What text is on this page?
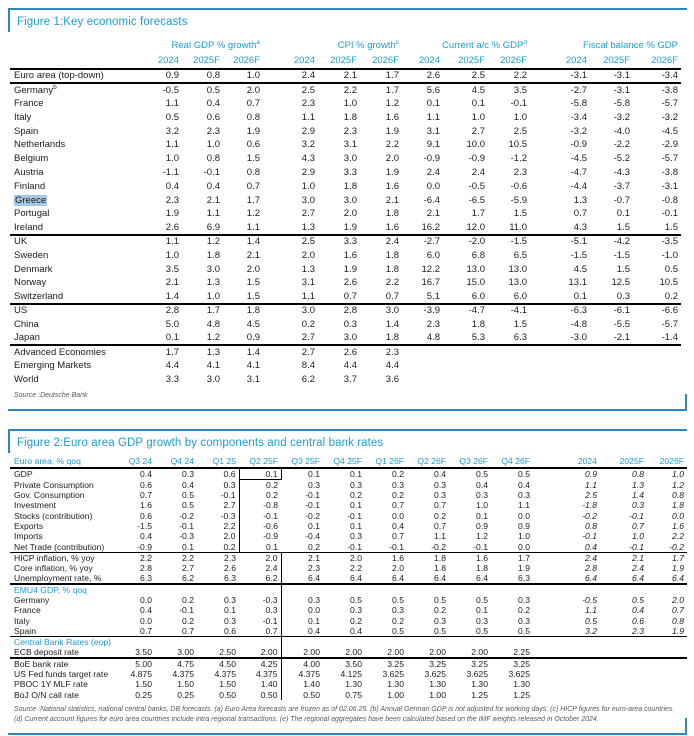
Figure 1:Key economic forecasts
	Real GDP % growth$^a$			CPI % growth$^c$			Current a/c % GDP$^d$			Fiscal balance % GDP		
	2024	2025F	2026F	2024	2025F	2026F	2024	2025F	2026F	2024	2025F	2026F
Euro area (top-down)	0.9	0.8	1.0	2.4	2.1	1.7	2.6	2.5	2.2	-3.1	-3.1	-3.4
Germany$^b$	-0.5	0.5	2.0	2.5	2.2	1.7	5.6	4.5	3.5	-2.7	-3.1	-3.8
France	1.1	0.4	0.7	2.3	1.0	1.2	0.1	0.1	-0.1	-5.8	-5.8	-5.7
Italy	0.5	0.6	0.8	1.1	1.8	1.6	1.1	1.0	1.0	-3.4	-3.2	-3.2
Spain	3.2	2.3	1.9	2.9	2.3	1.9	3.1	2.7	2.5	-3.2	-4.0	-4.5
Netherlands	1.1	1.0	0.6	3.2	3.1	2.2	9.1	10.0	10.5	-0.9	-2.2	-2.9
Belgium	1.0	0.8	1.5	4.3	3.0	2.0	-0.9	-0.9	-1.2	-4.5	-5.2	-5.7
Austria	-1.1	-0.1	0.8	2.9	3.3	1.9	2.4	2.4	2.3	-4.7	-4.3	-3.8
Finland	0.4	0.4	0.7	1.0	1.8	1.6	0.0	-0.5	-0.6	-4.4	-3.7	-3.1
Greece	2.3	2.1	1.7	3.0	3.0	2.1	-6.4	-6.5	-5.9	1.3	-0.7	-0.8
Portugal	1.9	1.1	1.2	2.7	2.0	1.8	2.1	1.7	1.5	0.7	0.1	-0.1
Ireland	2.6	6.9	1.1	1.3	1.9	1.6	16.2	12.0	11.0	4.3	1.5	1.5
UK	1.1	1.2	1.4	2.5	3.3	2.4	-2.7	-2.0	-1.5	-5.1	-4.2	-3.5
Sweden	1.0	1.8	2.1	2.0	1.6	1.8	6.0	6.8	6.5	-1.5	-1.5	-1.0
Denmark	3.5	3.0	2.0	1.3	1.9	1.8	12.2	13.0	13.0	4.5	1.5	0.5
Norway	2.1	1.3	1.5	3.1	2.6	2.2	16.7	15.0	13.0	13.1	12.5	10.5
Switzerland	1.4	1.0	1.5	1.1	0.7	0.7	5.1	6.0	6.0	0.1	0.3	0.2
US	2.8	1.7	1.8	3.0	2.8	3.0	-3.9	-4.7	-4.1	-6.3	-6.1	-6.6
China	5.0	4.8	4.5	0.2	0.3	1.4	2.3	1.8	1.5	-4.8	-5.5	-5.7
Japan	0.1	1.2	0.9	2.7	3.0	1.8	4.8	5.3	6.3	-3.0	-2.1	-1.4
Advanced Economies	1.7	1.3	1.4	2.7	2.6	2.3						
Emerging Markets	4.4	4.1	4.1	8.4	4.4	4.4						
World	3.3	3.0	3.1	6.2	3.7	3.6						
Source :Deutsche Bank
Figure 2:Euro area GDP growth by components and central bank rates
Euro area, % qoq	Q3 24	Q4 24	Q1 25	Q2 25F	Q3 25F	Q4 25F	Q1 26F	Q2 26F	Q3 26F	Q4 26F	2024	2025F	2026F
GDP	0.4	0.3	0.6	0.1	0.1	0.1	0.2	0.4	0.5	0.5	0.9	0.8	1.0
Private Consumption	0.6	0.4	0.3	0.2	0.3	0.3	0.3	0.3	0.4	0.4	1.1	1.3	1.2
Gov. Consumption	0.7	0.5	-0.1	0.2	-0.1	0.2	0.2	0.3	0.3	0.3	2.5	1.4	0.8
Investment	1.6	0.5	2.7	-0.8	-0.1	0.1	0.7	0.7	1.0	1.1	-1.8	0.3	1.8
Stocks (contribution)	0.6	-0.2	-0.3	-0.1	-0.2	-0.1	0.0	0.2	0.1	0.0	-0.2	-0.1	0.0
Exports	-1.5	-0.1	2.2	-0.6	0.1	0.1	0.4	0.7	0.9	0.9	0.8	0.7	1.6
Imports	0.4	-0.3	2.0	-0.9	-0.4	0.3	0.7	1.1	1.2	1.0	-0.1	1.0	2.2
Net Trade (contribution)	-0.9	0.1	0.2	0.1	0.2	-0.1	-0.1	-0.2	-0.1	0.0	0.4	-0.1	-0.2
HICP inflation, % yoy	2.2	2.2	2.3	2.0	2.1	2.0	1.6	1.8	1.6	1.7	2.4	2.1	1.7
Core inflation, % yoy	2.8	2.7	2.6	2.4	2.3	2.2	2.0	1.8	1.8	1.9	2.8	2.4	1.9
Unemployment rate, %	6.3	6.2	6.3	6.2	6.4	6.4	6.4	6.4	6.4	6.3	6.4	6.4	6.4
EMU4 GDP, % qoq													
Germany	0.0	0.2	0.3	-0.3	0.3	0.5	0.5	0.5	0.5	0.3	-0.5	0.5	2.0
France	0.4	-0.1	0.1	0.3	0.0	0.3	0.3	0.2	0.1	0.2	1.1	0.4	0.7
Italy	0.0	0.2	0.3	-0.1	0.1	0.2	0.2	0.3	0.3	0.3	0.5	0.6	0.8
Spain	0.7	0.7	0.6	0.7	0.4	0.4	0.5	0.5	0.5	0.5	3.2	2.3	1.9
Central Bank Rates (eop)													
ECB deposit rate	3.50	3.00	2.50	2.00	2.00	2.00	2.00	2.00	2.00	2.25			
BoE bank rate	5.00	4.75	4.50	4.25	4.00	3.50	3.25	3.25	3.25	3.25			
US Fed funds target rate	4.875	4.375	4.375	4.375	4.375	4.125	3.625	3.625	3.625	3.625			
PBOC 1Y MLF rate	1.50	1.50	1.50	1.40	1.40	1.30	1.30	1.30	1.30	1.30			
BoJ O/N call rate	0.25	0.25	0.50	0.50	0.50	0.75	1.00	1.00	1.25	1.25			
Source :National statistics, national central banks, DB forecasts. (a) Euro Area forecasts are frozen as of 02.06.25. (b) Annual German GDP is not adjusted for working days. (c) HICP figures for euro-area countries. (d) Current account figures for euro area countries include intra regional transactions. (e) The regional aggregates have been calculated based on the IMF weights released in October 2024.
